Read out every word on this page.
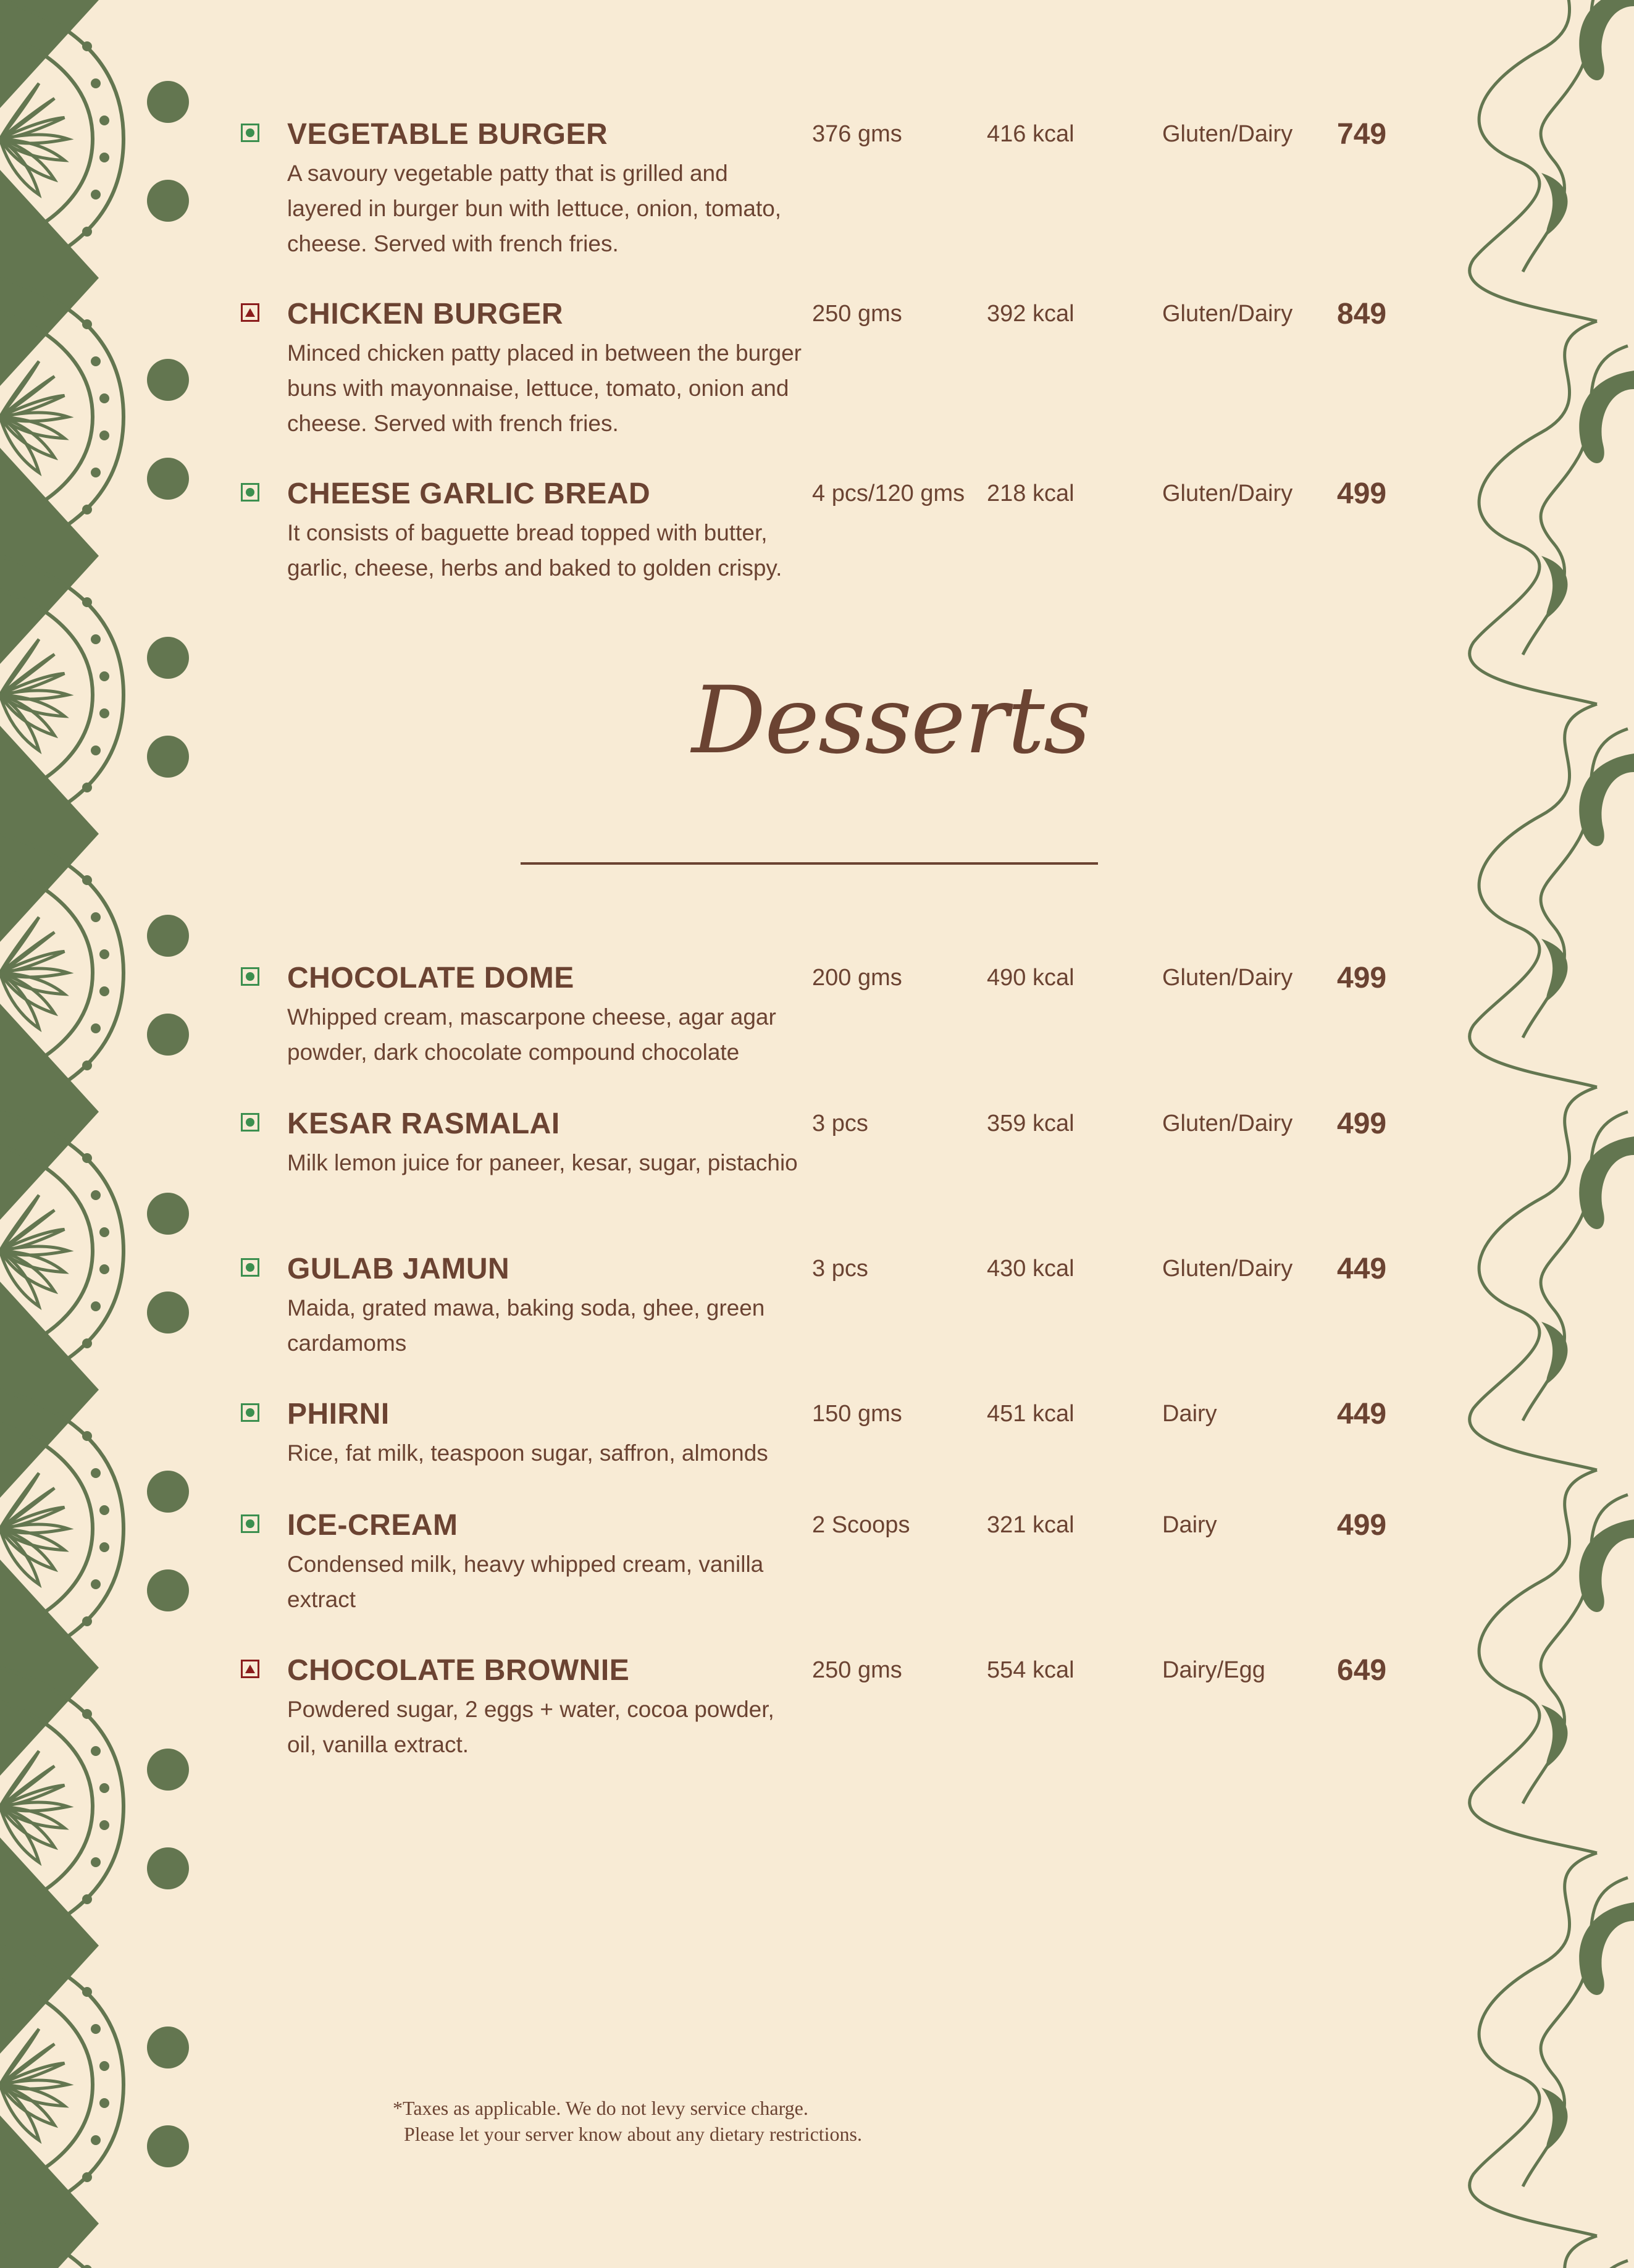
VEGETABLE BURGER
A savoury vegetable patty that is grilled and layered in burger bun with lettuce, onion, tomato, cheese. Served with french fries.
376 gms	416 kcal	Gluten/Dairy 749
CHICKEN BURGER
Minced chicken patty placed in between the burger buns with mayonnaise, lettuce, tomato, onion and cheese. Served with french fries.
250 gms	392 kcal	Gluten/Dairy 849
CHEESE GARLIC BREAD
It consists of baguette bread topped with butter, garlic, cheese, herbs and baked to golden crispy.
4 pcs/120 gms 218 kcal	Gluten/Dairy 499
Desserts
CHOCOLATE DOME
Whipped cream, mascarpone cheese, agar agar powder, dark chocolate compound chocolate
200 gms	490 kcal	Gluten/Dairy 499
KESAR RASMALAI
Milk lemon juice for paneer, kesar, sugar, pistachio
3 pcs	359 kcal	Gluten/Dairy 499
GULAB JAMUN
Maida, grated mawa, baking soda, ghee, green cardamoms
3 pcs	430 kcal	Gluten/Dairy 449
PHIRNI
Rice, fat milk, teaspoon sugar, saffron, almonds
150 gms	451 kcal	Dairy	449
ICE-CREAM
Condensed milk, heavy whipped cream, vanilla extract
2 Scoops	321 kcal	Dairy	499
CHOCOLATE BROWNIE
Powdered sugar, 2 eggs + water, cocoa powder, oil, vanilla extract.
250 gms	554 kcal	Dairy/Egg 649
*Taxes as applicable. We do not levy service charge.
Please let your server know about any dietary restrictions.
